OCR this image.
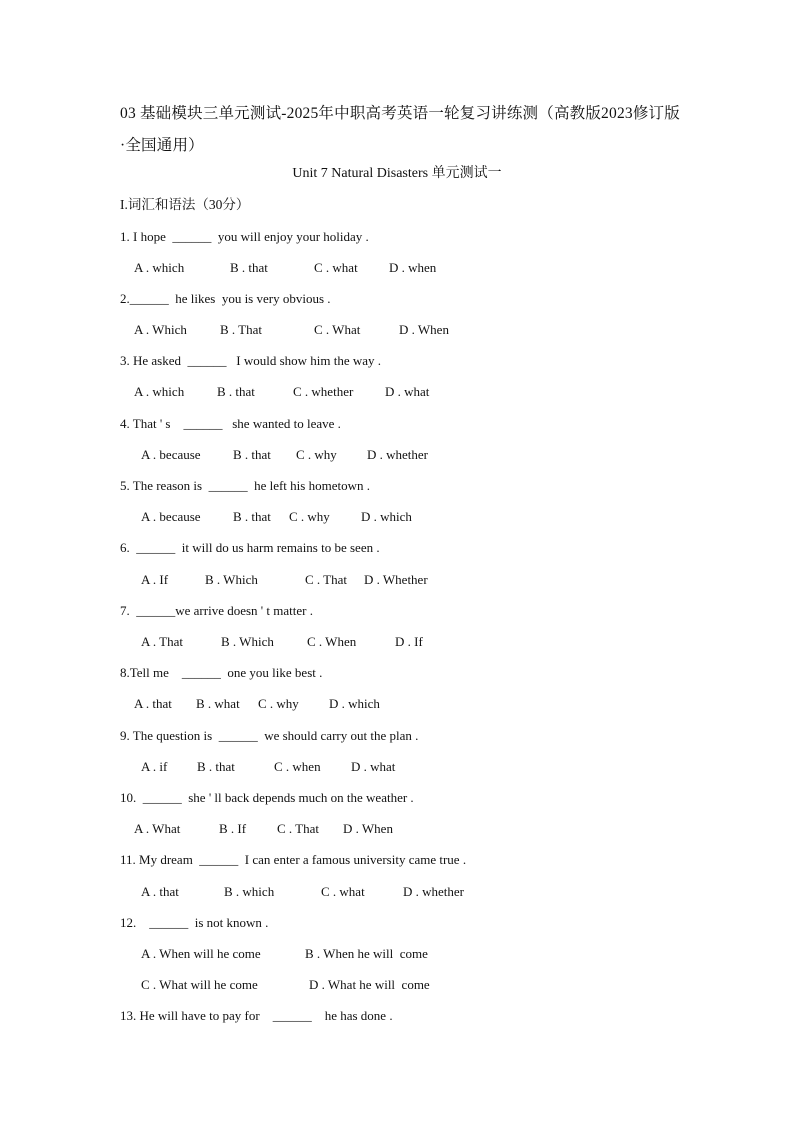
03 基础模块三单元测试-2025年中职高考英语一轮复习讲练测（高教版2023修订版·全国通用）
Unit 7 Natural Disasters 单元测试一
I.词汇和语法（30分）
1. I hope  ______  you will enjoy your holiday .
A . which	B . that	C . what D . when
2.______  he likes  you is very obvious .
A . Which	B . That	C . What	D . When
3. He asked  ______   I would show him the way .
A . which	B . that	C . whether D . what
4. That ' s    ______   she wanted to leave .
A . because B . that C . why D . whether
5. The reason is  ______  he left his hometown .
A . because B . that C . why D . which
6.  ______  it will do us harm remains to be seen .
A . If	B . Which	C . That D . Whether
7.  ______we arrive doesn ' t matter .
A . That	B . Which	C . When	D . If
8.Tell me    ______  one you like best .
A . that B . what C . why D . which
9. The question is  ______  we should carry out the plan .
A . if B . that	C . when D . what
10.  ______  she ' ll back depends much on the weather .
A . What	B . If C . That D . When
11. My dream  ______  I can enter a famous university came true .
A . that	B . which	C . what	D . whether
12.    ______  is not known .
A . When will he come	B . When he will  come
C . What will he come	D . What he will  come
13. He will have to pay for    ______    he has done .
